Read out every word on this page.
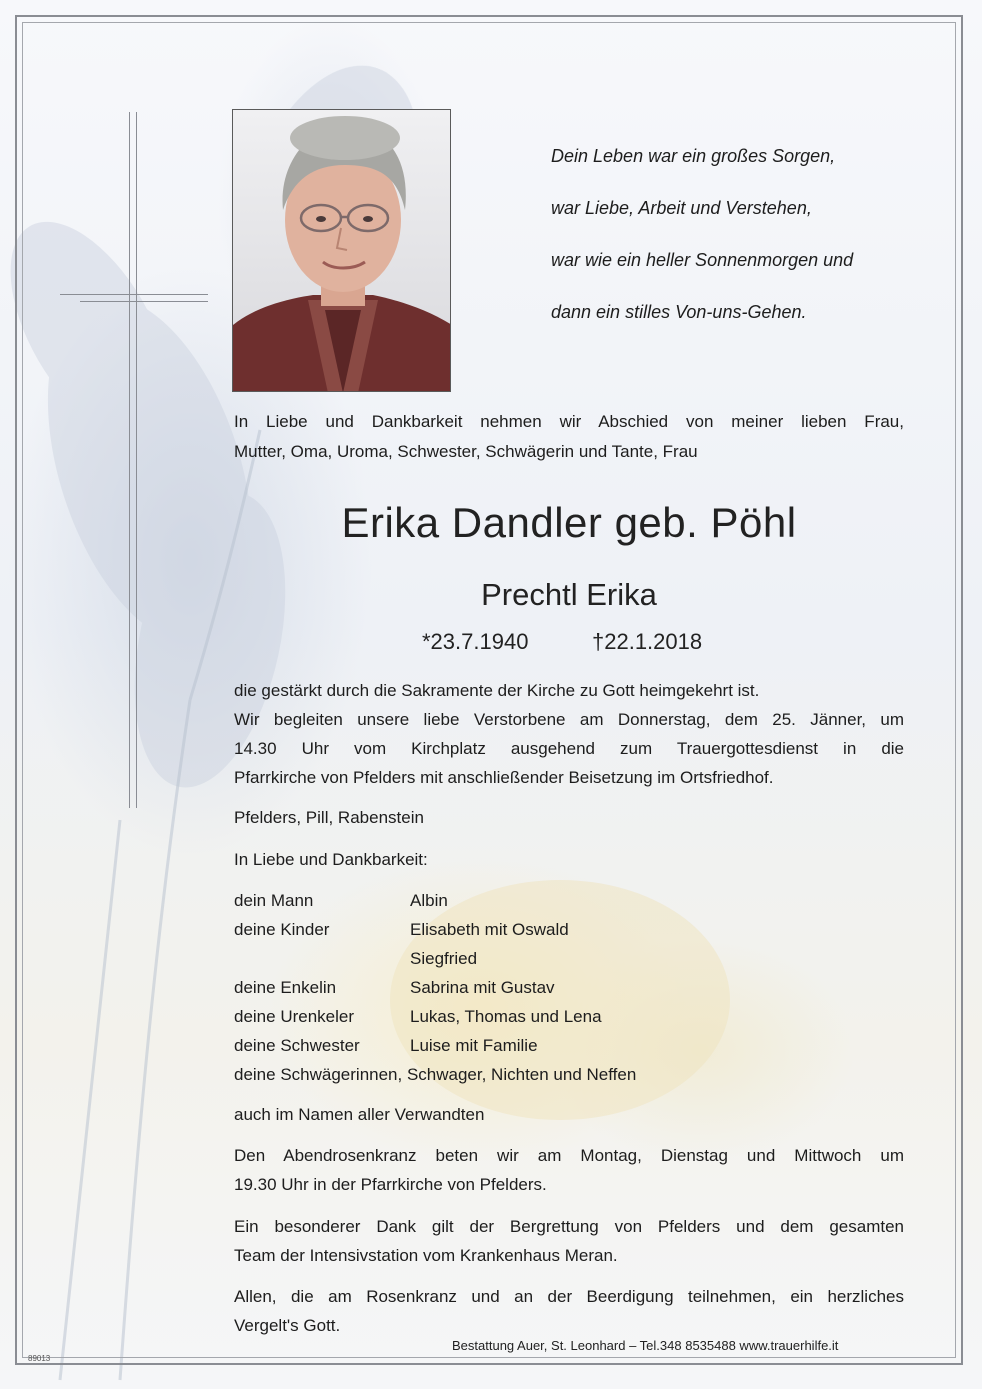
Dein Leben war ein großes Sorgen,
war Liebe, Arbeit und Verstehen,
war wie ein heller Sonnenmorgen und
dann ein stilles Von-uns-Gehen.
In Liebe und Dankbarkeit nehmen wir Abschied von meiner lieben Frau,
Mutter, Oma, Uroma, Schwester, Schwägerin und Tante, Frau
Erika Dandler geb. Pöhl
Prechtl Erika
*23.7.1940	†22.1.2018
die gestärkt durch die Sakramente der Kirche zu Gott heimgekehrt ist.
Wir begleiten unsere liebe Verstorbene am Donnerstag, dem 25. Jänner, um
14.30 Uhr vom Kirchplatz ausgehend zum Trauergottesdienst in die
Pfarrkirche von Pfelders mit anschließender Beisetzung im Ortsfriedhof.
Pfelders, Pill, Rabenstein
In Liebe und Dankbarkeit:
dein Mann	Albin
deine Kinder	Elisabeth mit Oswald
Siegfried
deine Enkelin	Sabrina mit Gustav
deine Urenkeler	Lukas, Thomas und Lena
deine Schwester	Luise mit Familie
deine Schwägerinnen, Schwager, Nichten und Neffen
auch im Namen aller Verwandten
Den Abendrosenkranz beten wir am Montag, Dienstag und Mittwoch um
19.30 Uhr in der Pfarrkirche von Pfelders.
Ein besonderer Dank gilt der Bergrettung von Pfelders und dem gesamten
Team der Intensivstation vom Krankenhaus Meran.
Allen, die am Rosenkranz und an der Beerdigung teilnehmen, ein herzliches
Vergelt's Gott.
Bestattung Auer, St. Leonhard – Tel.348 8535488 www.trauerhilfe.it
89013
